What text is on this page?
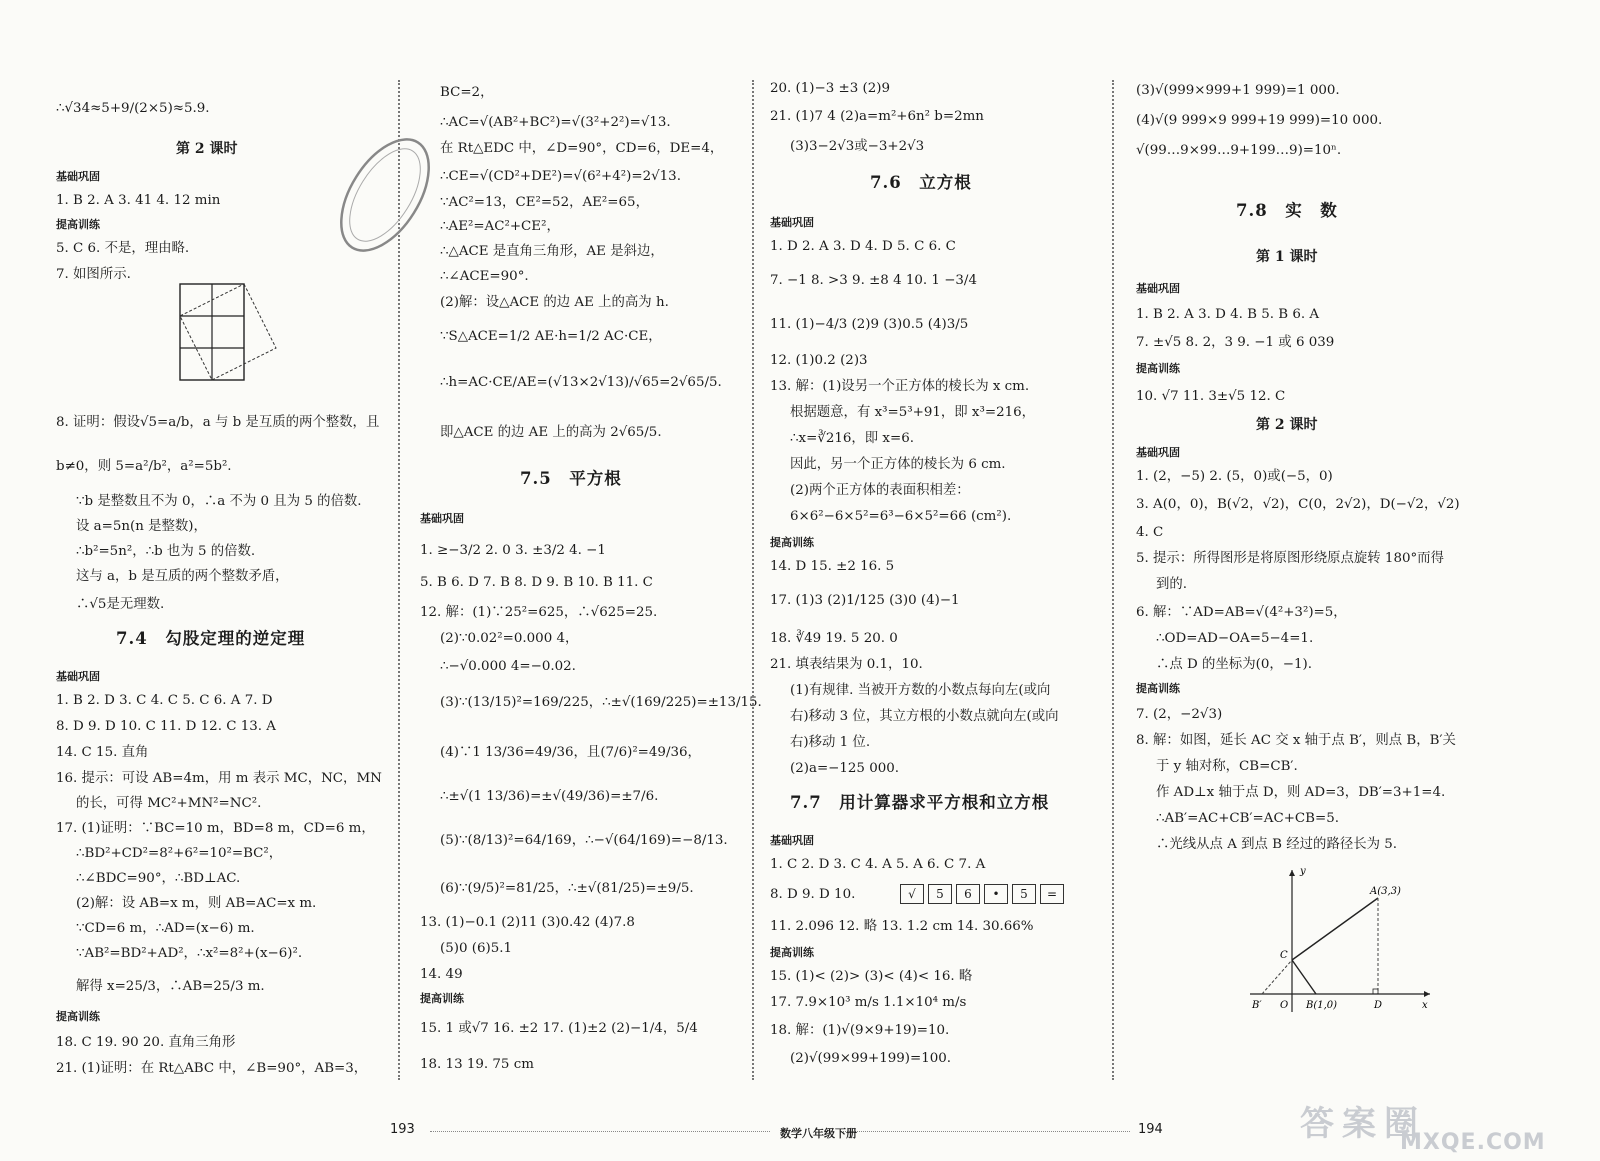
∴√34≈5+9/(2×5)≈5.9.
第 2 课时
基础巩固
1. B 2. A 3. 41 4. 12 min
提高训练
5. C 6. 不是，理由略.
7. 如图所示.
8. 证明：假设√5=a/b，a 与 b 是互质的两个整数，且
b≠0，则 5=a²/b²，a²=5b².
∵b 是整数且不为 0，∴a 不为 0 且为 5 的倍数.
设 a=5n(n 是整数)，
∴b²=5n²，∴b 也为 5 的倍数.
这与 a，b 是互质的两个整数矛盾，
∴√5是无理数.
7.4　勾股定理的逆定理
基础巩固
1. B 2. D 3. C 4. C 5. C 6. A 7. D
8. D 9. D 10. C 11. D 12. C 13. A
14. C 15. 直角
16. 提示：可设 AB=4m，用 m 表示 MC，NC，MN
的长，可得 MC²+MN²=NC².
17. (1)证明：∵BC=10 m，BD=8 m，CD=6 m，
∴BD²+CD²=8²+6²=10²=BC²，
∴∠BDC=90°，∴BD⊥AC.
(2)解：设 AB=x m，则 AB=AC=x m.
∵CD=6 m，∴AD=(x−6) m.
∵AB²=BD²+AD²，∴x²=8²+(x−6)².
解得 x=25/3，∴AB=25/3 m.
提高训练
18. C 19. 90 20. 直角三角形
21. (1)证明：在 Rt△ABC 中，∠B=90°，AB=3，
BC=2，
∴AC=√(AB²+BC²)=√(3²+2²)=√13.
在 Rt△EDC 中，∠D=90°，CD=6，DE=4，
∴CE=√(CD²+DE²)=√(6²+4²)=2√13.
∵AC²=13，CE²=52，AE²=65，
∴AE²=AC²+CE²，
∴△ACE 是直角三角形，AE 是斜边，
∴∠ACE=90°.
(2)解：设△ACE 的边 AE 上的高为 h.
∵S△ACE=1/2 AE·h=1/2 AC·CE，
∴h=AC·CE/AE=(√13×2√13)/√65=2√65/5.
即△ACE 的边 AE 上的高为 2√65/5.
7.5　平方根
基础巩固
1. ≥−3/2 2. 0 3. ±3/2 4. −1
5. B 6. D 7. B 8. D 9. B 10. B 11. C
12. 解：(1)∵25²=625，∴√625=25.
(2)∵0.02²=0.000 4，
∴−√0.000 4=−0.02.
(3)∵(13/15)²=169/225，∴±√(169/225)=±13/15.
(4)∵1 13/36=49/36，且(7/6)²=49/36，
∴±√(1 13/36)=±√(49/36)=±7/6.
(5)∵(8/13)²=64/169，∴−√(64/169)=−8/13.
(6)∵(9/5)²=81/25，∴±√(81/25)=±9/5.
13. (1)−0.1 (2)11 (3)0.42 (4)7.8
(5)0 (6)5.1
14. 49
提高训练
15. 1 或√7 16. ±2 17. (1)±2 (2)−1/4，5/4
18. 13 19. 75 cm
20. (1)−3 ±3 (2)9
21. (1)7 4 (2)a=m²+6n² b=2mn
(3)3−2√3或−3+2√3
7.6　立方根
基础巩固
1. D 2. A 3. D 4. D 5. C 6. C
7. −1 8. >3 9. ±8 4 10. 1 −3/4
11. (1)−4/3 (2)9 (3)0.5 (4)3/5
12. (1)0.2 (2)3
13. 解：(1)设另一个正方体的棱长为 x cm.
根据题意，有 x³=5³+91，即 x³=216，
∴x=∛216，即 x=6.
因此，另一个正方体的棱长为 6 cm.
(2)两个正方体的表面积相差：
6×6²−6×5²=6³−6×5²=66 (cm²).
提高训练
14. D 15. ±2 16. 5
17. (1)3 (2)1/125 (3)0 (4)−1
18. ∛49 19. 5 20. 0
21. 填表结果为 0.1，10.
(1)有规律. 当被开方数的小数点每向左(或向
右)移动 3 位，其立方根的小数点就向左(或向
右)移动 1 位.
(2)a=−125 000.
7.7　用计算器求平方根和立方根
基础巩固
1. C 2. D 3. C 4. A 5. A 6. C 7. A
8. D 9. D 10.
11. 2.096 12. 略 13. 1.2 cm 14. 30.66%
提高训练
15. (1)< (2)> (3)< (4)< 16. 略
17. 7.9×10³ m/s 1.1×10⁴ m/s
18. 解：(1)√(9×9+19)=10.
(2)√(99×99+199)=100.
(3)√(999×999+1 999)=1 000.
(4)√(9 999×9 999+19 999)=10 000.
√(99…9×99…9+199…9)=10ⁿ.
7.8　实　数
第 1 课时
基础巩固
1. B 2. A 3. D 4. B 5. B 6. A
7. ±√5 8. 2，3 9. −1 或 6 039
提高训练
10. √7 11. 3±√5 12. C
第 2 课时
基础巩固
1. (2，−5) 2. (5，0)或(−5，0)
3. A(0，0)，B(√2，√2)，C(0，2√2)，D(−√2，√2)
4. C
5. 提示：所得图形是将原图形绕原点旋转 180°而得
到的.
6. 解：∵AD=AB=√(4²+3²)=5，
∴OD=AD−OA=5−4=1.
∴点 D 的坐标为(0，−1).
提高训练
7. (2，−2√3)
8. 解：如图，延长 AC 交 x 轴于点 B′，则点 B，B′关
于 y 轴对称，CB=CB′.
作 AD⊥x 轴于点 D，则 AD=3，DB′=3+1=4.
∴AB′=AC+CB′=AC+CB=5.
∴光线从点 A 到点 B 经过的路径长为 5.
√ 5 6 • 5 =
y
x
A(3,3)
C
B′ O B(1,0)	D
193	数学八年级下册	194	答案圈
MXQE.COM
